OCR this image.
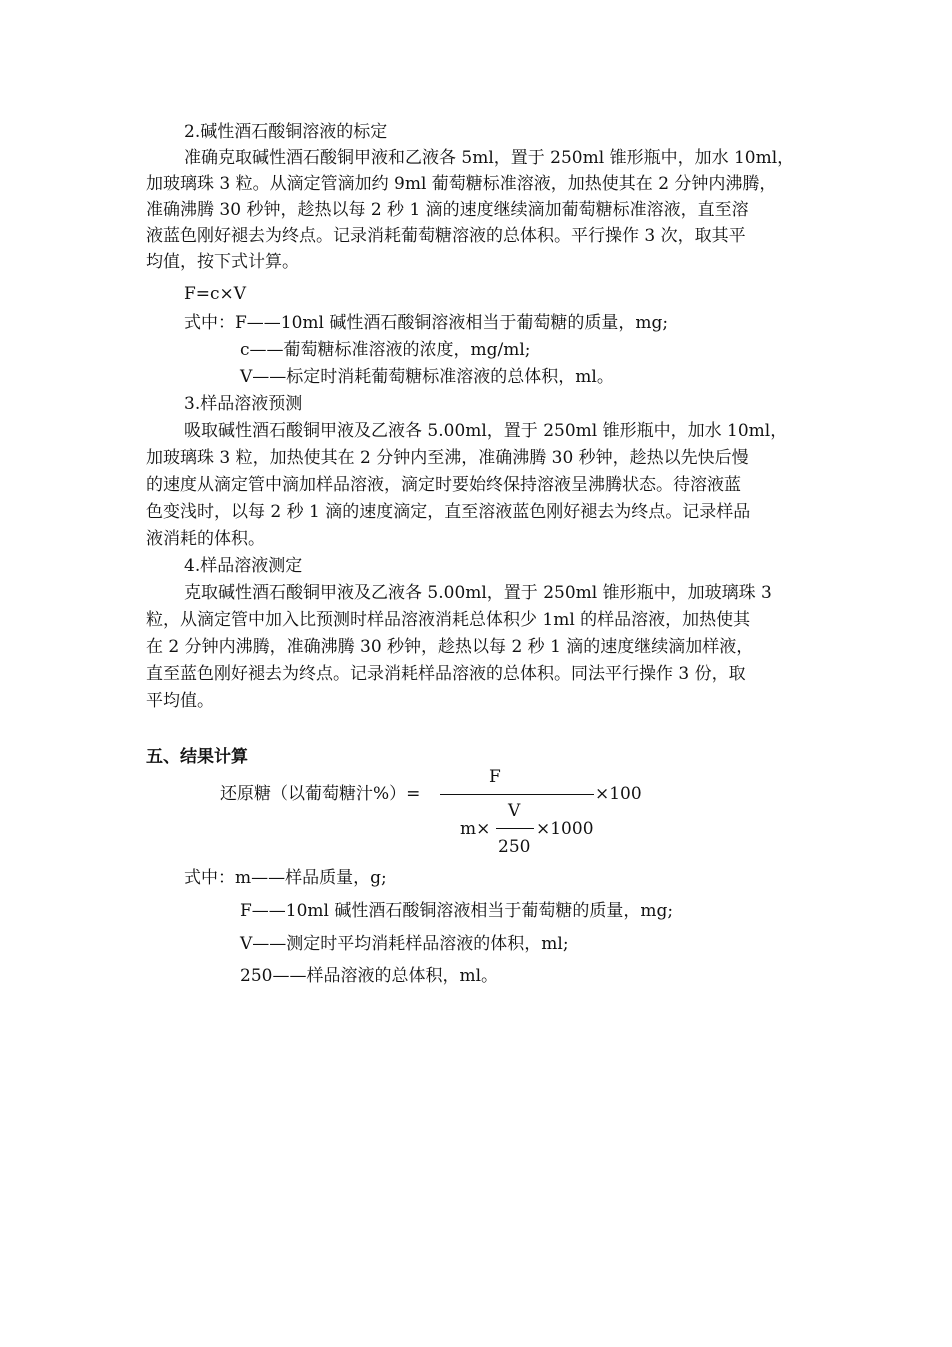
2.碱性酒石酸铜溶液的标定
准确克取碱性酒石酸铜甲液和乙液各 5ml，置于 250ml 锥形瓶中，加水 10ml，
加玻璃珠 3 粒。从滴定管滴加约 9ml 葡萄糖标准溶液，加热使其在 2 分钟内沸腾，
准确沸腾 30 秒钟，趁热以每 2 秒 1 滴的速度继续滴加葡萄糖标准溶液，直至溶
液蓝色刚好褪去为终点。记录消耗葡萄糖溶液的总体积。平行操作 3 次，取其平
均值，按下式计算。
F=c×V
式中：F——10ml 碱性酒石酸铜溶液相当于葡萄糖的质量，mg;
c——葡萄糖标准溶液的浓度，mg/ml;
V——标定时消耗葡萄糖标准溶液的总体积，ml。
3.样品溶液预测
吸取碱性酒石酸铜甲液及乙液各 5.00ml，置于 250ml 锥形瓶中，加水 10ml，
加玻璃珠 3 粒，加热使其在 2 分钟内至沸，准确沸腾 30 秒钟，趁热以先快后慢
的速度从滴定管中滴加样品溶液，滴定时要始终保持溶液呈沸腾状态。待溶液蓝
色变浅时，以每 2 秒 1 滴的速度滴定，直至溶液蓝色刚好褪去为终点。记录样品
液消耗的体积。
4.样品溶液测定
克取碱性酒石酸铜甲液及乙液各 5.00ml，置于 250ml 锥形瓶中，加玻璃珠 3
粒，从滴定管中加入比预测时样品溶液消耗总体积少 1ml 的样品溶液，加热使其
在 2 分钟内沸腾，准确沸腾 30 秒钟，趁热以每 2 秒 1 滴的速度继续滴加样液，
直至蓝色刚好褪去为终点。记录消耗样品溶液的总体积。同法平行操作 3 份，取
平均值。
五、结果计算
F
还原糖（以葡萄糖汁%）=	×100
V
m×	×1000
250
式中：m——样品质量，g;
F——10ml 碱性酒石酸铜溶液相当于葡萄糖的质量，mg;
V——测定时平均消耗样品溶液的体积，ml;
250——样品溶液的总体积，ml。
